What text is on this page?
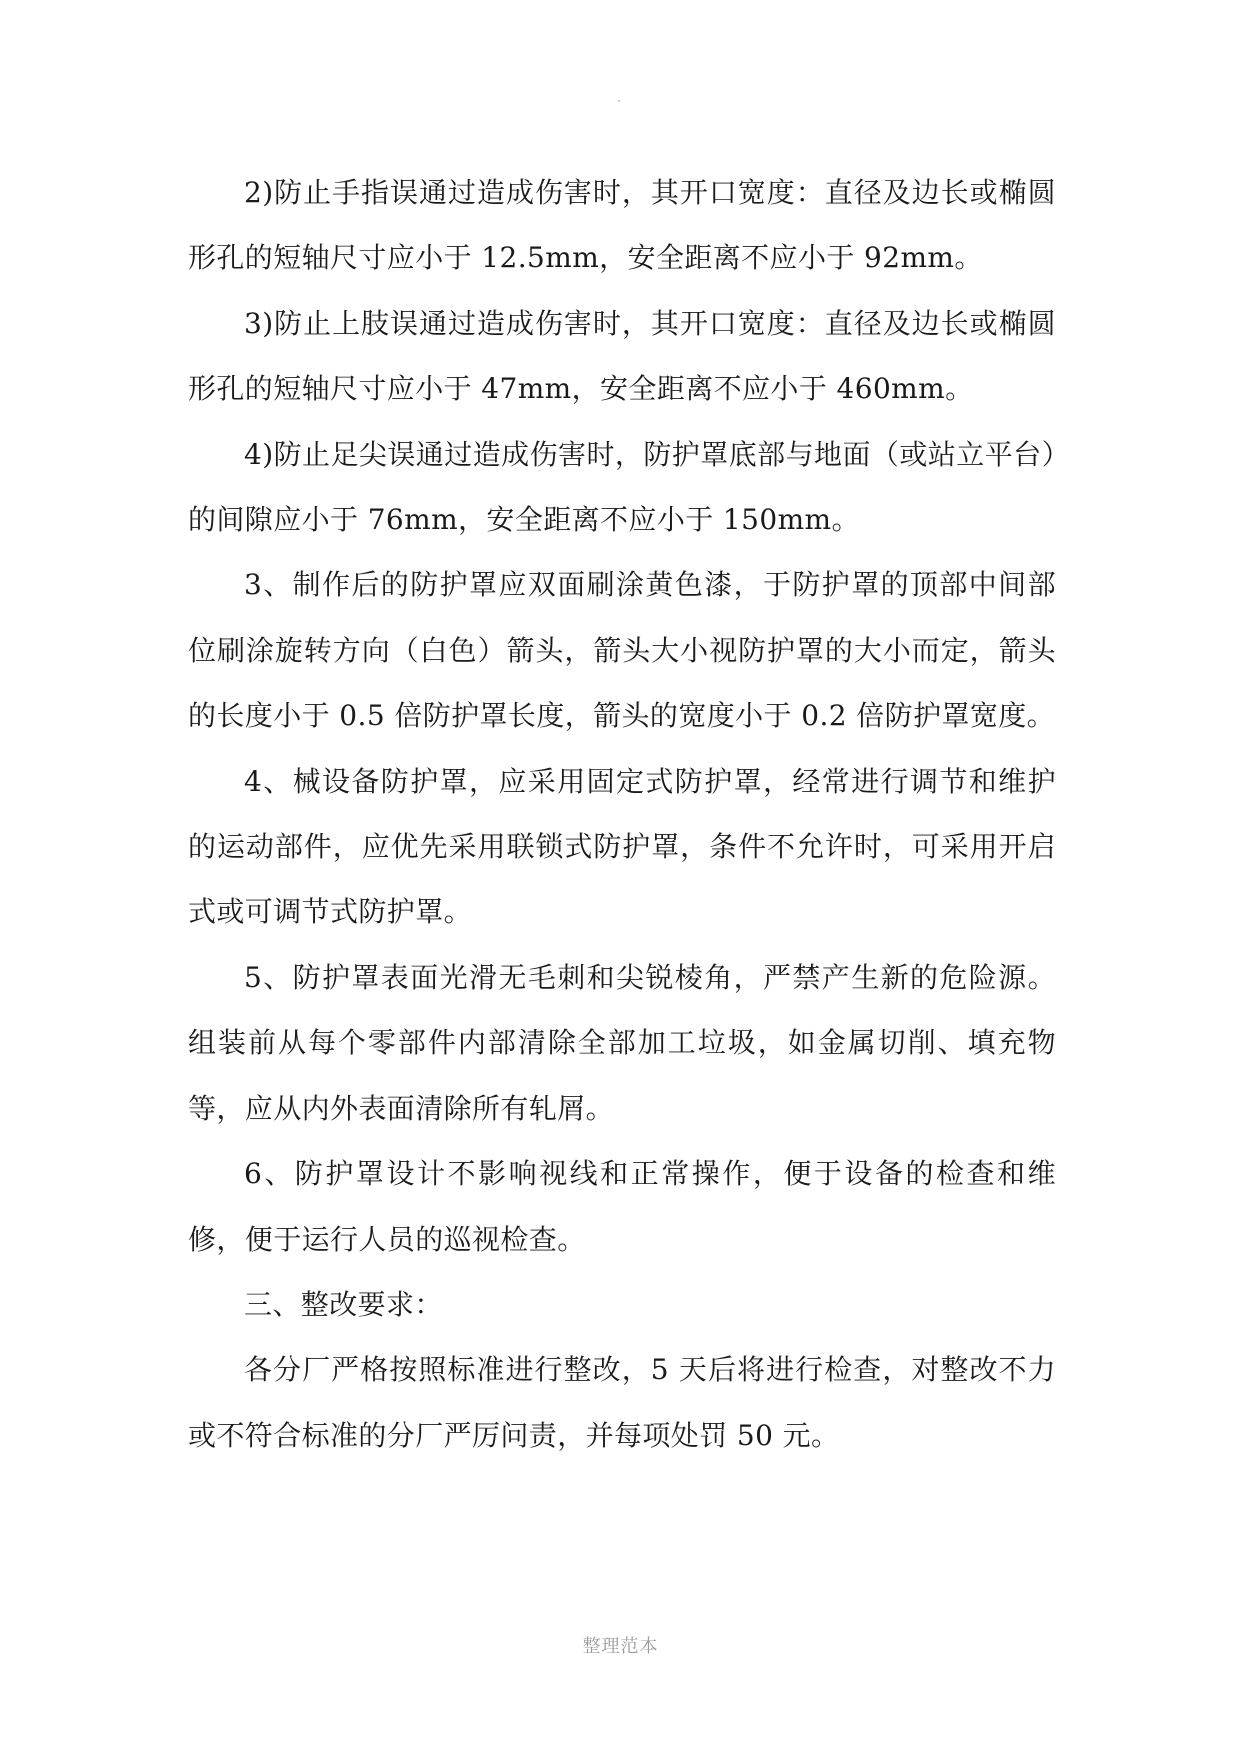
2)防止手指误通过造成伤害时，其开口宽度：直径及边长或椭圆形孔的短轴尺寸应小于 12.5mm，安全距离不应小于 92mm。

3)防止上肢误通过造成伤害时，其开口宽度：直径及边长或椭圆形孔的短轴尺寸应小于 47mm，安全距离不应小于 460mm。

4)防止足尖误通过造成伤害时，防护罩底部与地面（或站立平台）的间隙应小于 76mm，安全距离不应小于 150mm。

3、制作后的防护罩应双面刷涂黄色漆，于防护罩的顶部中间部位刷涂旋转方向（白色）箭头，箭头大小视防护罩的大小而定，箭头的长度小于 0.5 倍防护罩长度，箭头的宽度小于 0.2 倍防护罩宽度。

4、械设备防护罩，应采用固定式防护罩，经常进行调节和维护的运动部件，应优先采用联锁式防护罩，条件不允许时，可采用开启式或可调节式防护罩。

5、防护罩表面光滑无毛刺和尖锐棱角，严禁产生新的危险源。组装前从每个零部件内部清除全部加工垃圾，如金属切削、填充物等，应从内外表面清除所有轧屑。

6、防护罩设计不影响视线和正常操作，便于设备的检查和维修，便于运行人员的巡视检查。

三、整改要求：

各分厂严格按照标准进行整改，5 天后将进行检查，对整改不力或不符合标准的分厂严厉问责，并每项处罚 50 元。

整理范本
